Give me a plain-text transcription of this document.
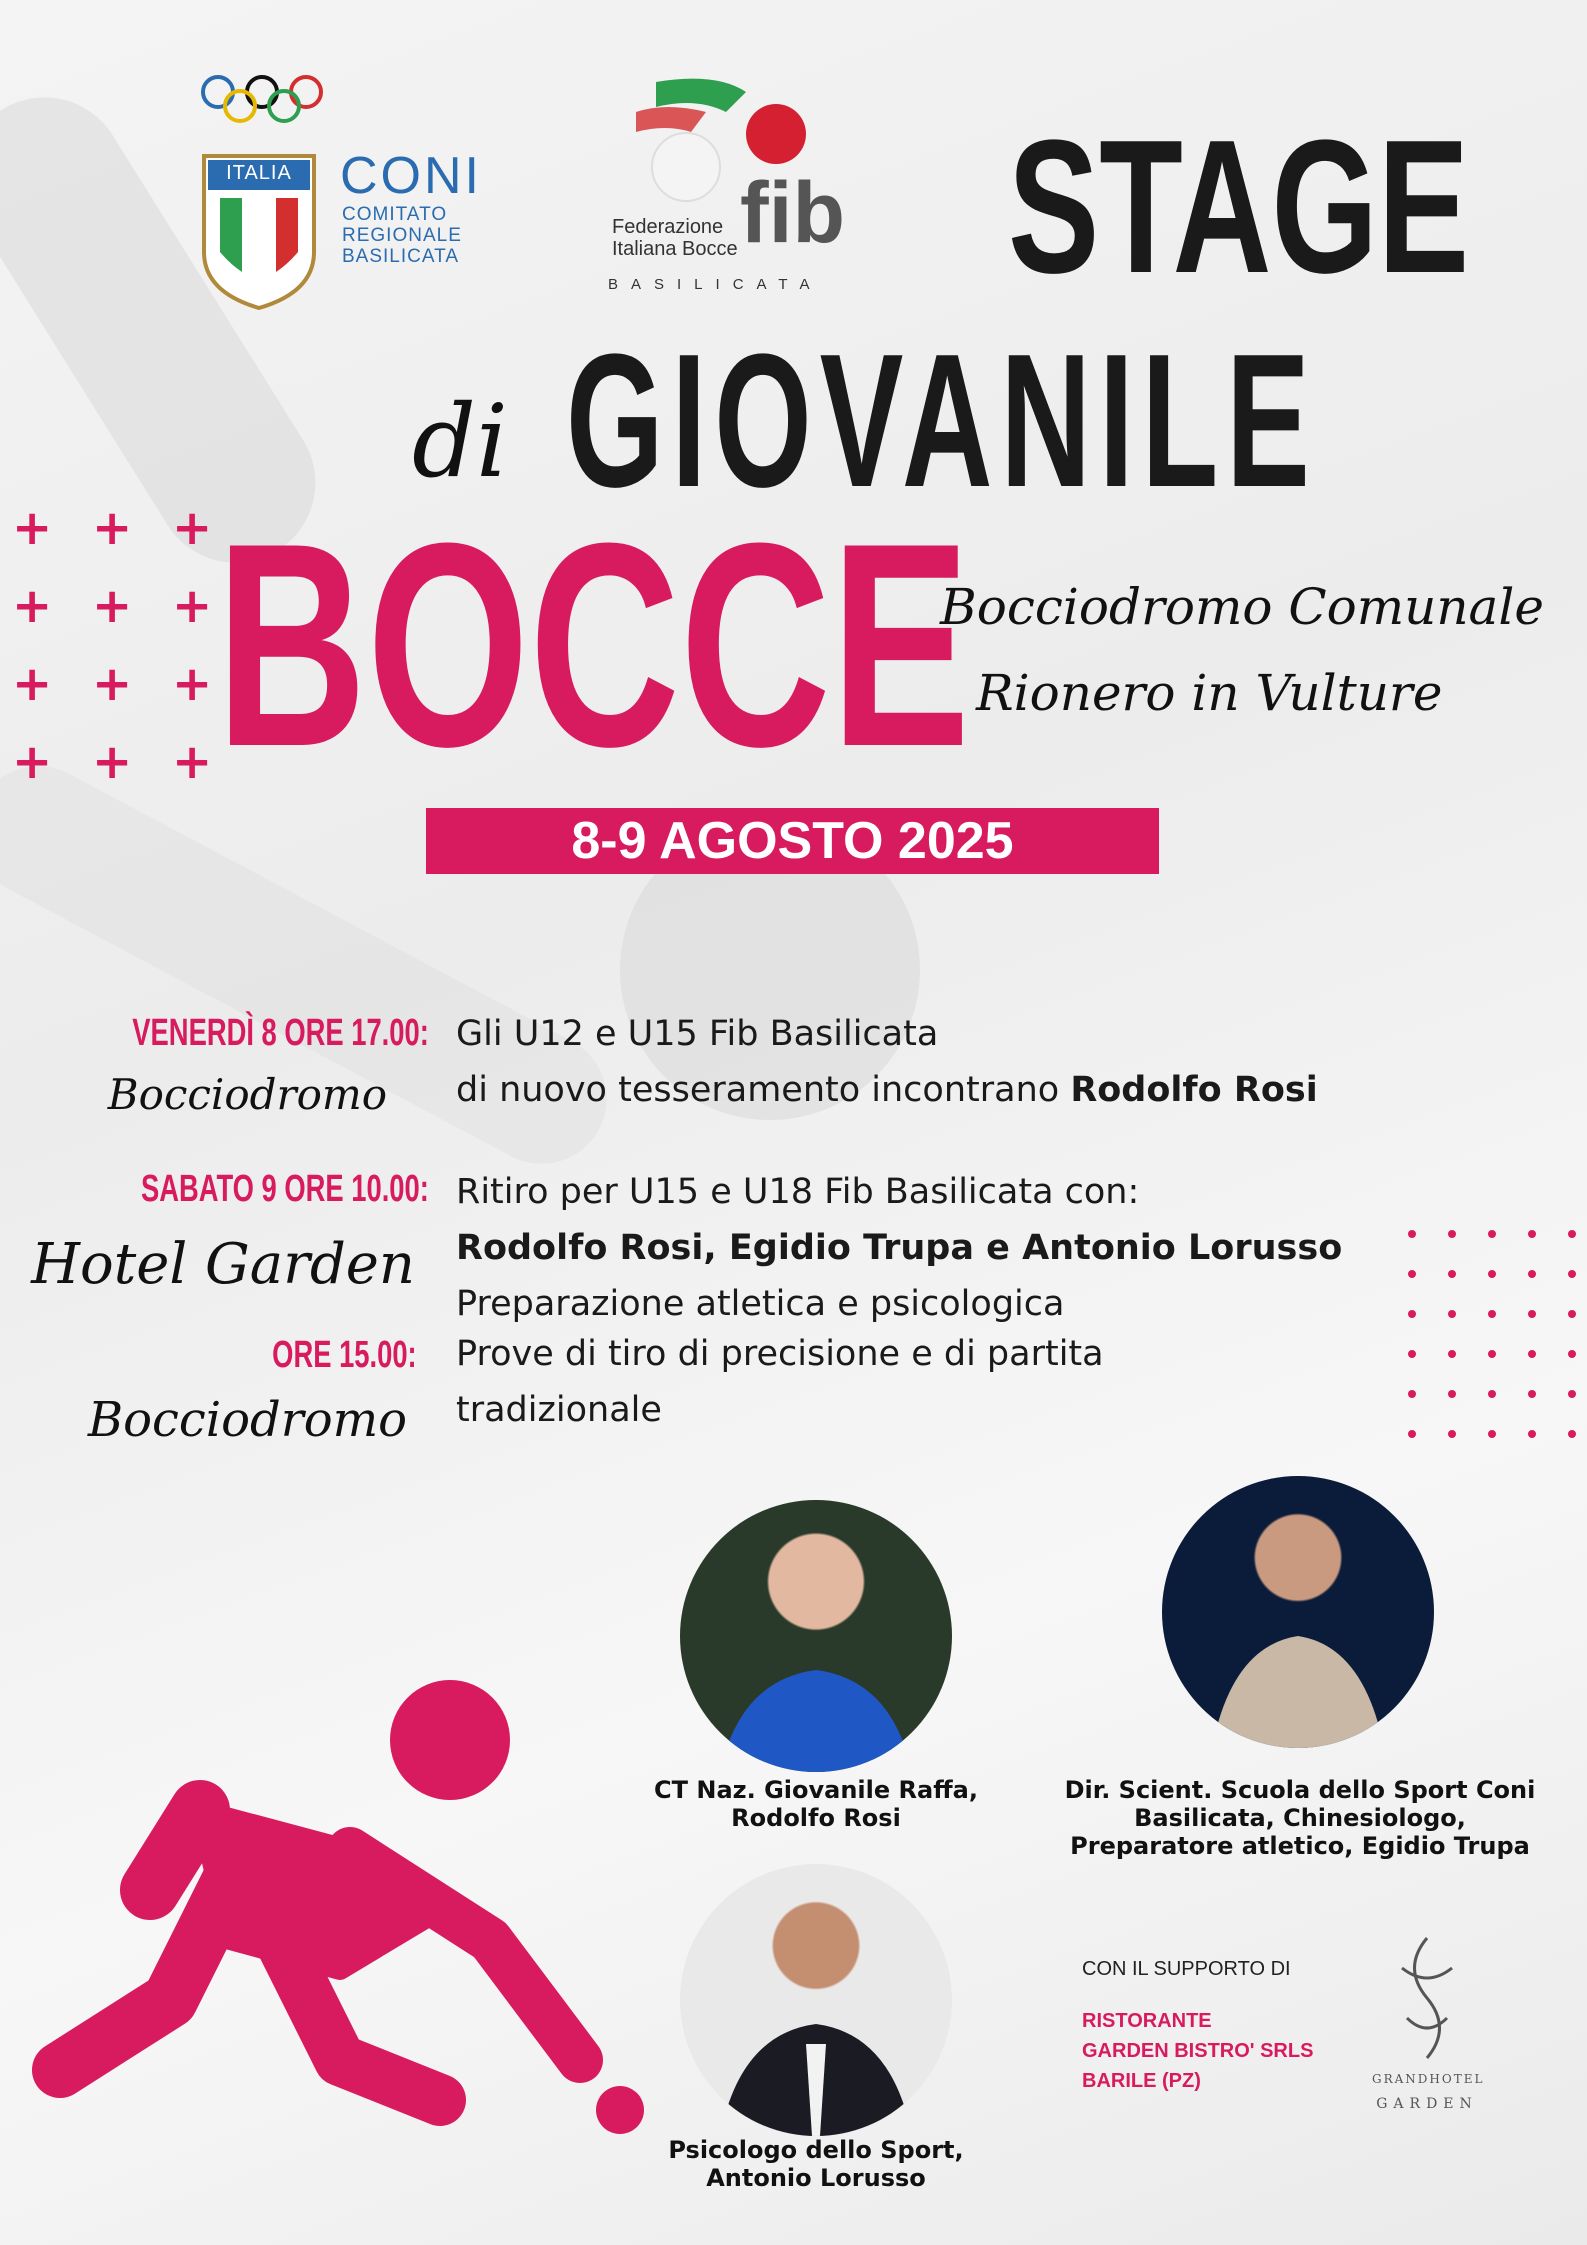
ITALIA CONI
COMITATO
REGIONALE
BASILICATA
Federazione
Italiana Bocce fib
BASILICATA STAGE
di GIOVANILE
BOCCE
+ + +
+ + +
+ + +
+ + +
Bocciodromo Comunale
Rionero in Vulture
8-9 AGOSTO 2025
VENERDÌ 8 ORE 17.00:
Bocciodromo
Gli U12 e U15 Fib Basilicata
di nuovo tesseramento incontrano Rodolfo Rosi
SABATO 9 ORE 10.00:
Hotel Garden
Ritiro per U15 e U18 Fib Basilicata con:
Rodolfo Rosi, Egidio Trupa e Antonio Lorusso
Preparazione atletica e psicologica
ORE 15.00:
Bocciodromo
Prove di tiro di precisione e di partita
tradizionale
CT Naz. Giovanile Raffa,
Rodolfo Rosi
Dir. Scient. Scuola dello Sport Coni
Basilicata, Chinesiologo,
Preparatore atletico, Egidio Trupa
Psicologo dello Sport,
Antonio Lorusso
CON IL SUPPORTO DI
RISTORANTE
GARDEN BISTRO' SRLS
BARILE (PZ)	GRANDHOTEL
GARDEN
